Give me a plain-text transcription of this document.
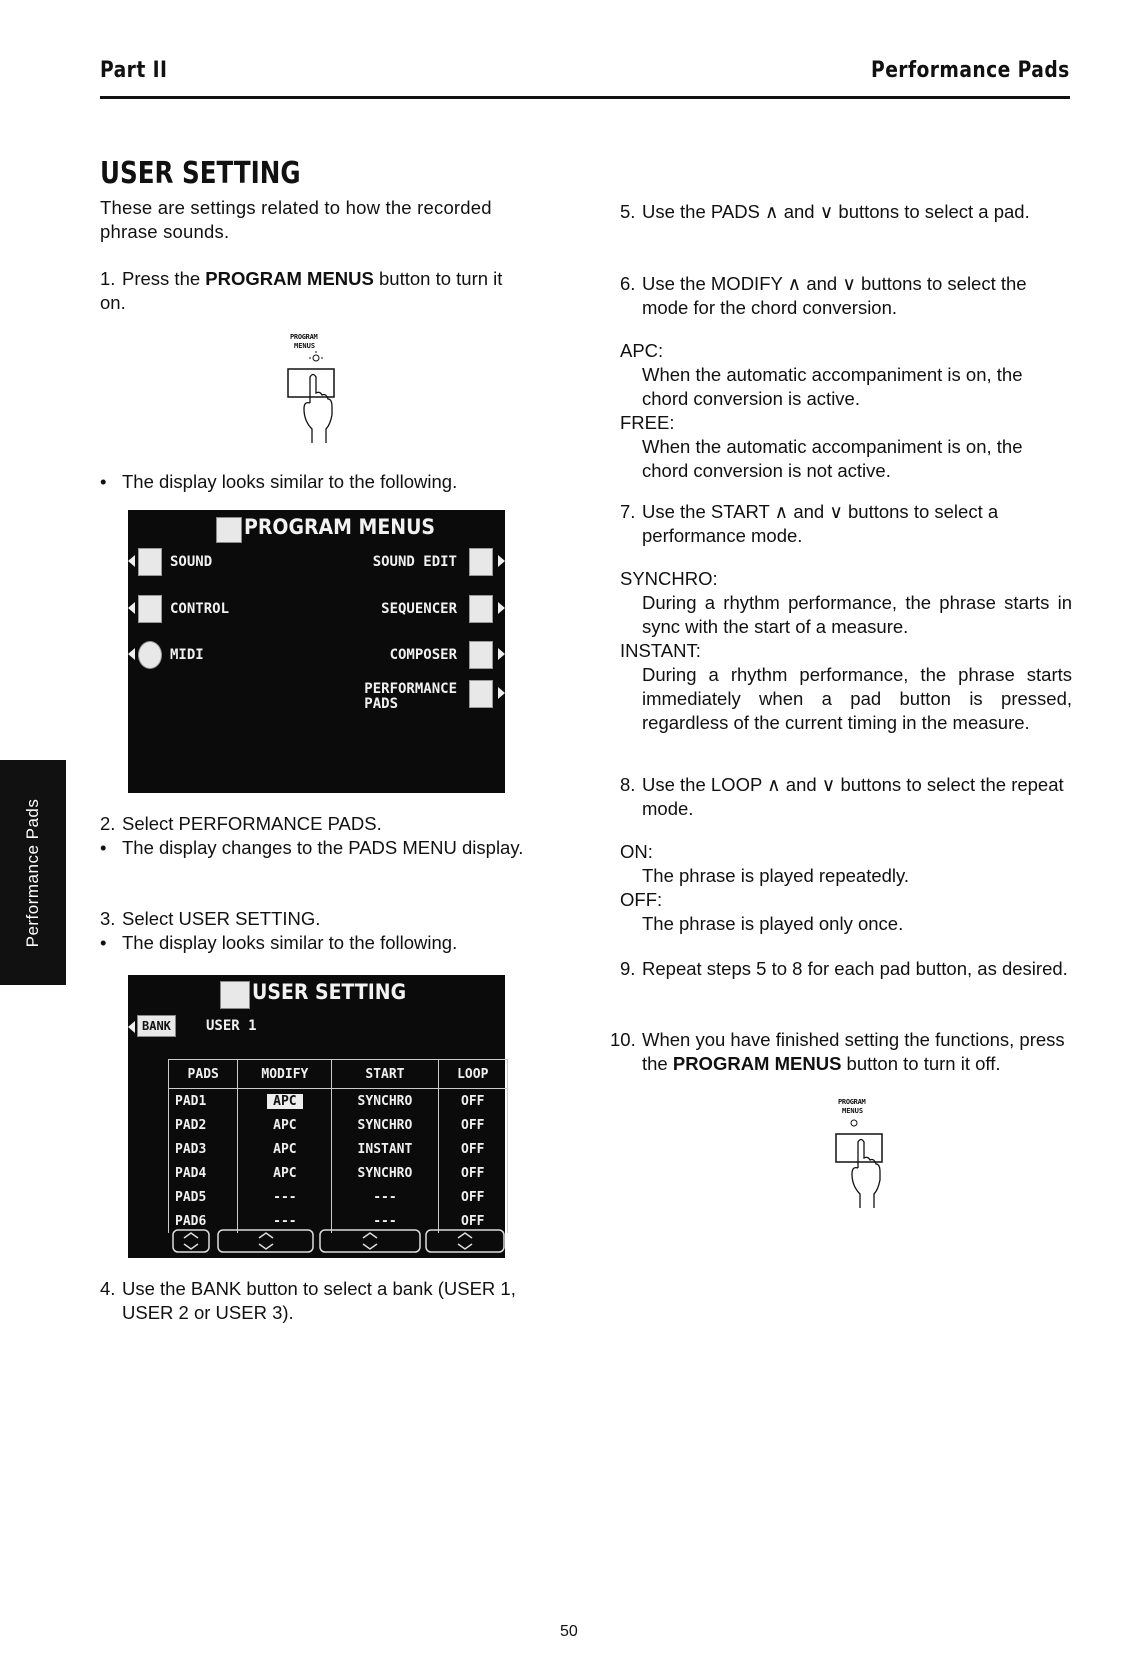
Part II	Performance Pads
USER SETTING
These are settings related to how the recorded phrase sounds.
1. Press the PROGRAM MENUS button to turn it on.
PROGRAM
MENUS
• The display looks similar to the following.
PROGRAM MENUS
SOUND
CONTROL
MIDI
SOUND EDIT
SEQUENCER
COMPOSER
PERFORMANCE
PADS
2. Select PERFORMANCE PADS.
• The display changes to the PADS MENU display.
3. Select USER SETTING.
• The display looks similar to the following.
USER SETTING
BANK	USER 1
PADS	MODIFY	START	LOOP
PAD1	APC	SYNCHRO	OFF
PAD2	APC	SYNCHRO	OFF
PAD3	APC	INSTANT	OFF
PAD4	APC	SYNCHRO	OFF
PAD5	---	---	OFF
PAD6	---	---	OFF
4. Use the BANK button to select a bank (USER 1, USER 2 or USER 3).
5. Use the PADS ∧ and ∨ buttons to select a pad.
6. Use the MODIFY ∧ and ∨ buttons to select the mode for the chord conversion.
APC:
When the automatic accompaniment is on, the chord conversion is active.
FREE:
When the automatic accompaniment is on, the chord conversion is not active.
7. Use the START ∧ and ∨ buttons to select a performance mode.
SYNCHRO:
During a rhythm performance, the phrase starts in sync with the start of a measure.
INSTANT:
During a rhythm performance, the phrase starts immediately when a pad button is pressed, regardless of the current timing in the measure.
8. Use the LOOP ∧ and ∨ buttons to select the repeat mode.
ON:
The phrase is played repeatedly.
OFF:
The phrase is played only once.
9. Repeat steps 5 to 8 for each pad button, as desired.
10. When you have finished setting the functions, press the PROGRAM MENUS button to turn it off.
PROGRAM
MENUS
Performance Pads
50
